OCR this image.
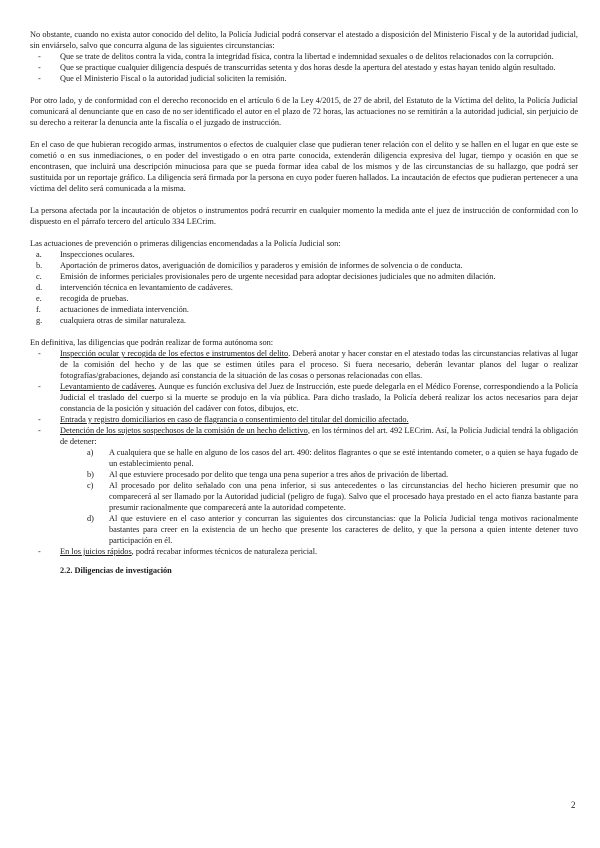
No obstante, cuando no exista autor conocido del delito, la Policía Judicial podrá conservar el atestado a disposición del Ministerio Fiscal y de la autoridad judicial, sin enviárselo, salvo que concurra alguna de las siguientes circunstancias:

- Que se trate de delitos contra la vida, contra la integridad física, contra la libertad e indemnidad sexuales o de delitos relacionados con la corrupción.
- Que se practique cualquier diligencia después de transcurridas setenta y dos horas desde la apertura del atestado y estas hayan tenido algún resultado.
- Que el Ministerio Fiscal o la autoridad judicial soliciten la remisión.

Por otro lado, y de conformidad con el derecho reconocido en el artículo 6 de la Ley 4/2015, de 27 de abril, del Estatuto de la Víctima del delito, la Policía Judicial comunicará al denunciante que en caso de no ser identificado el autor en el plazo de 72 horas, las actuaciones no se remitirán a la autoridad judicial, sin perjuicio de su derecho a reiterar la denuncia ante la fiscalía o el juzgado de instrucción.

En el caso de que hubieran recogido armas, instrumentos o efectos de cualquier clase que pudieran tener relación con el delito y se hallen en el lugar en que este se cometió o en sus inmediaciones, o en poder del investigado o en otra parte conocida, extenderán diligencia expresiva del lugar, tiempo y ocasión en que se encontrasen, que incluirá una descripción minuciosa para que se pueda formar idea cabal de los mismos y de las circunstancias de su hallazgo, que podrá ser sustituida por un reportaje gráfico. La diligencia será firmada por la persona en cuyo poder fueren hallados. La incautación de efectos que pudieran pertenecer a una víctima del delito será comunicada a la misma.

La persona afectada por la incautación de objetos o instrumentos podrá recurrir en cualquier momento la medida ante el juez de instrucción de conformidad con lo dispuesto en el párrafo tercero del artículo 334 LECrim.

Las actuaciones de prevención o primeras diligencias encomendadas a la Policía Judicial son:

a. Inspecciones oculares.
b. Aportación de primeros datos, averiguación de domicilios y paraderos y emisión de informes de solvencia o de conducta.
c. Emisión de informes periciales provisionales pero de urgente necesidad para adoptar decisiones judiciales que no admiten dilación.
d. intervención técnica en levantamiento de cadáveres.
e. recogida de pruebas.
f. actuaciones de inmediata intervención.
g. cualquiera otras de similar naturaleza.

En definitiva, las diligencias que podrán realizar de forma autónoma son:

- Inspección ocular y recogida de los efectos e instrumentos del delito. Deberá anotar y hacer constar en el atestado todas las circunstancias relativas al lugar de la comisión del hecho y de las que se estimen útiles para el proceso. Si fuera necesario, deberán levantar planos del lugar o realizar fotografías/grabaciones, dejando así constancia de la situación de las cosas o personas relacionadas con ellas.
- Levantamiento de cadáveres. Aunque es función exclusiva del Juez de Instrucción, este puede delegarla en el Médico Forense, correspondiendo a la Policía Judicial el traslado del cuerpo si la muerte se produjo en la vía pública. Para dicho traslado, la Policía deberá realizar los actos necesarios para dejar constancia de la posición y situación del cadáver con fotos, dibujos, etc.
- Entrada y registro domiciliarios en caso de flagrancia o consentimiento del titular del domicilio afectado.
- Detención de los sujetos sospechosos de la comisión de un hecho delictivo, en los términos del art. 492 LECrim. Así, la Policía Judicial tendrá la obligación de detener:
a) A cualquiera que se halle en alguno de los casos del art. 490: delitos flagrantes o que se esté intentando cometer, o a quien se haya fugado de un establecimiento penal.
b) Al que estuviere procesado por delito que tenga una pena superior a tres años de privación de libertad.
c) Al procesado por delito señalado con una pena inferior, si sus antecedentes o las circunstancias del hecho hicieren presumir que no comparecerá al ser llamado por la Autoridad judicial (peligro de fuga). Salvo que el procesado haya prestado en el acto fianza bastante para presumir racionalmente que comparecerá ante la autoridad competente.
d) Al que estuviere en el caso anterior y concurran las siguientes dos circunstancias: que la Policía Judicial tenga motivos racionalmente bastantes para creer en la existencia de un hecho que presente los caracteres de delito, y que la persona a quien intente detener tuvo participación en él.
- En los juicios rápidos, podrá recabar informes técnicos de naturaleza pericial.
2.2. Diligencias de investigación
2
